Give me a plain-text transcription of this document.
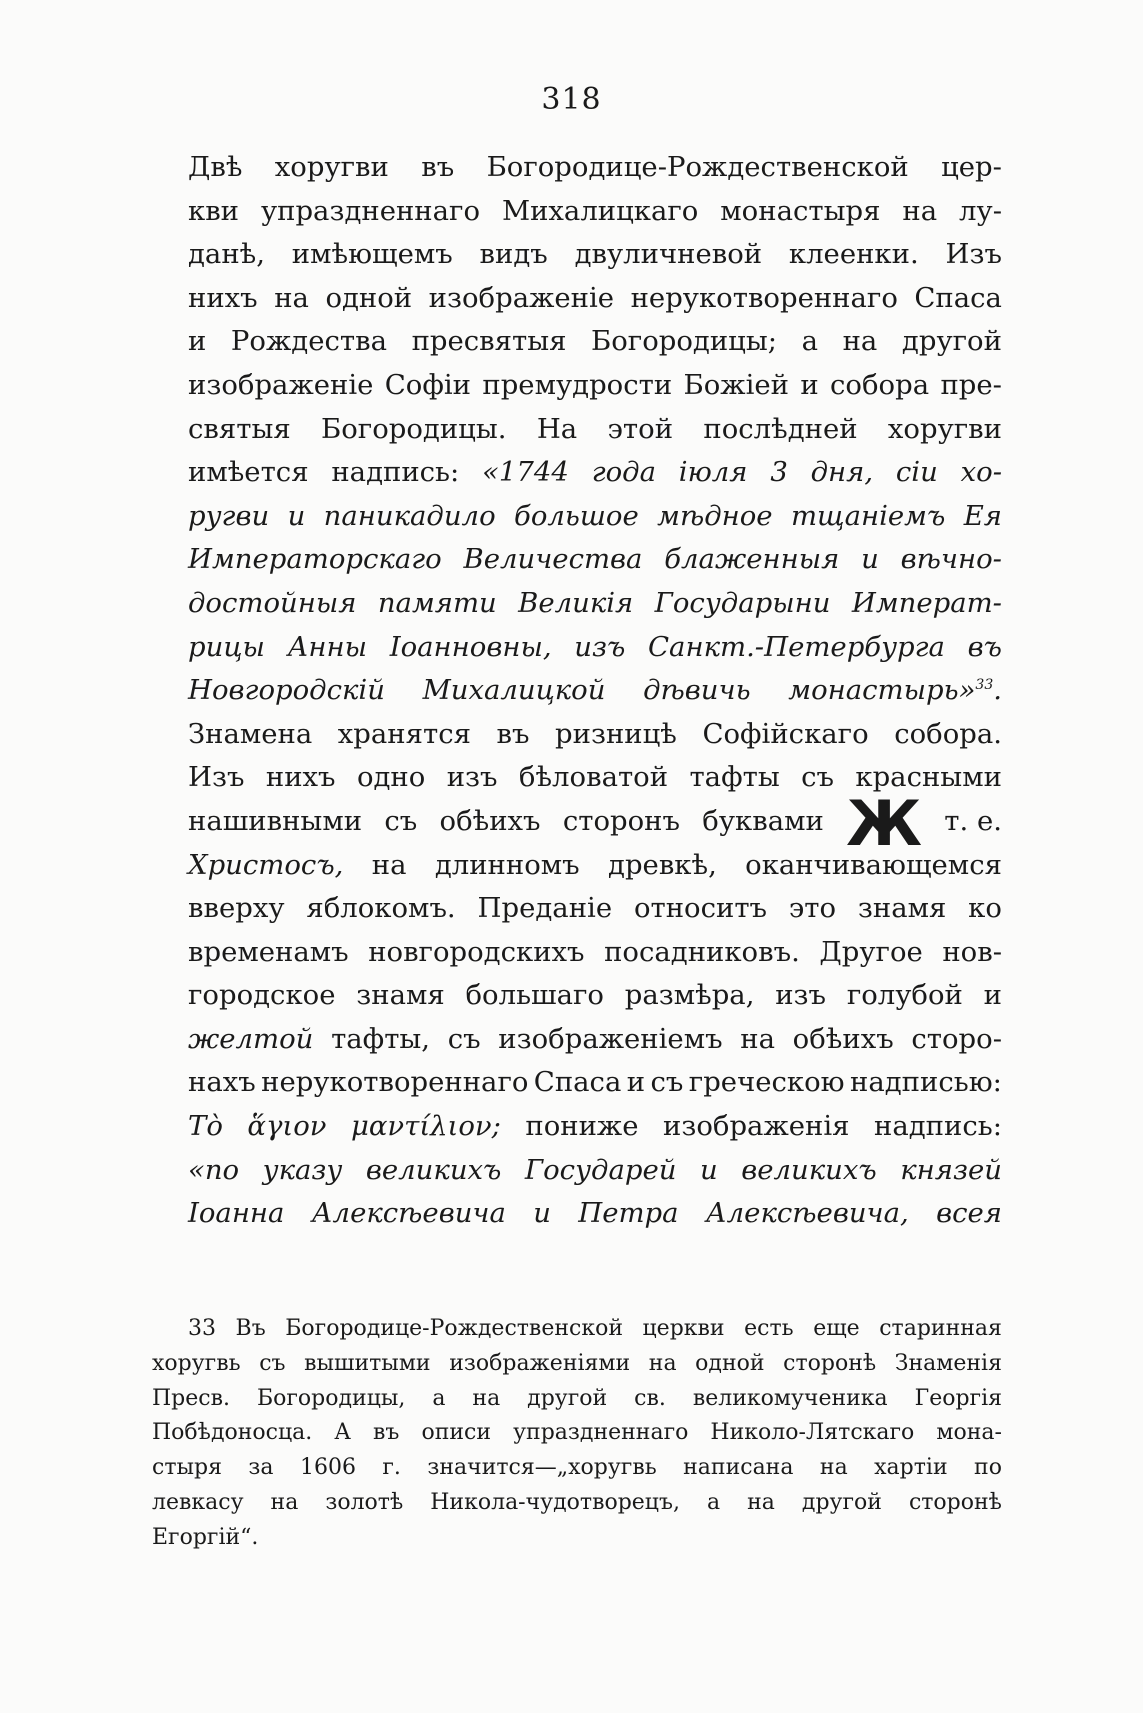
318
Двѣ хоругви въ Богородице-Рождественской цер-
кви упраздненнаго Михалицкаго монастыря на лу-
данѣ, имѣющемъ видъ двуличневой клеенки. Изъ
нихъ на одной изображеніе нерукотвореннаго Спаса
и Рождества пресвятыя Богородицы; а на другой
изображеніе Софіи премудрости Божіей и собора пре-
святыя Богородицы. На этой послѣдней хоругви
имѣется надпись: «1744 года іюля 3 дня, сіи хо-
ругви и паникадило большое мѣдное тщаніемъ Ея
Императорскаго Величества блаженныя и вѣчно-
достойныя памяти Великія Государыни Императ-
рицы Анны Іоанновны, изъ Санкт.-Петербурга въ
Новгородскій Михалицкой дѣвичь монастырь»$^{33}$.
Знамена хранятся въ ризницѣ Софійскаго собора.
Изъ нихъ одно изъ бѣловатой тафты съ красными
нашивными съ обѣихъ сторонъ буквами Ж т. е.
Христосъ, на длинномъ древкѣ, оканчивающемся
вверху яблокомъ. Преданіе относитъ это знамя ко
временамъ новгородскихъ посадниковъ. Другое нов-
городское знамя большаго размѣра, изъ голубой и
желтой тафты, съ изображеніемъ на обѣихъ сторо-
нахъ нерукотвореннаго Спаса и съ греческою надписью:
Τὸ ἅγιον μαντίλιον; пониже изображенія надпись:
«по указу великихъ Государей и великихъ князей
Іоанна Алексѣевича и Петра Алексѣевича, всея
33 Въ Богородице-Рождественской церкви есть еще старинная
хоругвь съ вышитыми изображеніями на одной сторонѣ Знаменія
Пресв. Богородицы, а на другой св. великомученика Георгія
Побѣдоносца. А въ описи упраздненнаго Николо-Лятскаго мона-
стыря за 1606 г. значится—„хоругвь написана на хартіи по
левкасу на золотѣ Никола-чудотворецъ, а на другой сторонѣ
Егоргій“.
